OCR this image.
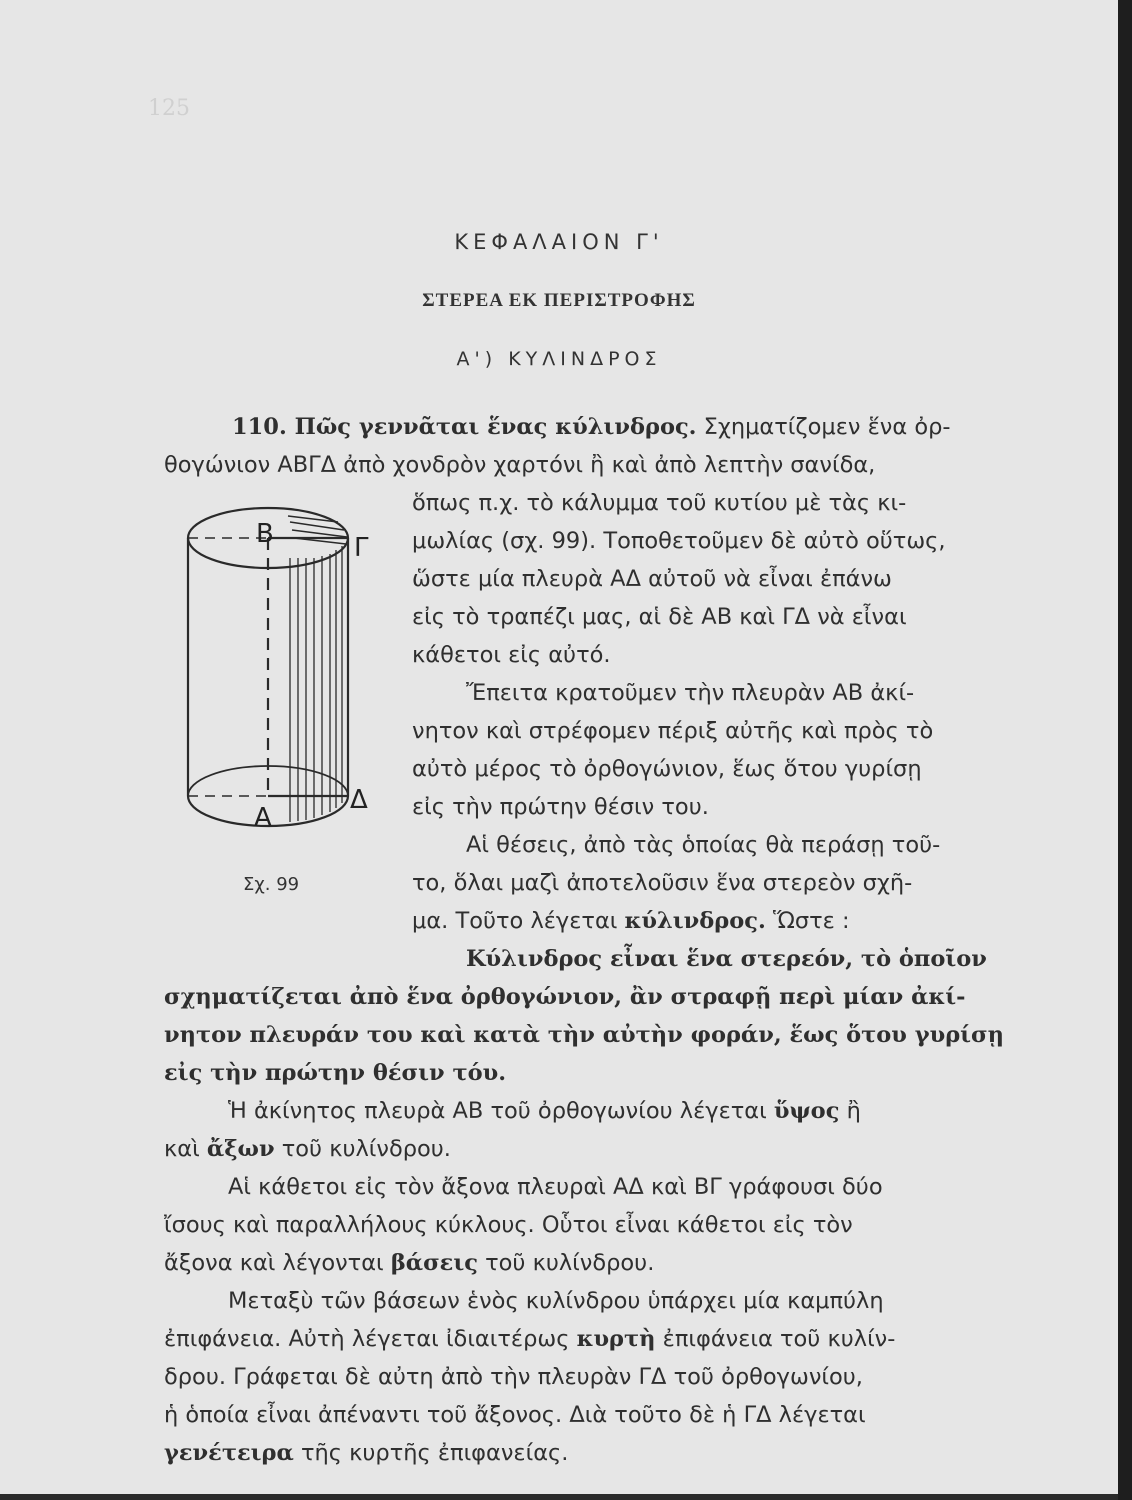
125
ΚΕΦΑΛΑΙΟΝ Γ'
ΣΤΕΡΕΑ ΕΚ ΠΕΡΙΣΤΡΟΦΗΣ
Α') ΚΥΛΙΝΔΡΟΣ
110. Πῶς γεννᾶται ἕνας κύλινδρος. Σχηματίζομεν ἕνα ὀρ-
θογώνιον ΑΒΓΔ ἀπὸ χονδρὸν χαρτόνι ἢ καὶ ἀπὸ λεπτὴν σανίδα,
ὅπως π.χ. τὸ κάλυμμα τοῦ κυτίου μὲ τὰς κι-
μωλίας (σχ. 99). Τοποθετοῦμεν δὲ αὐτὸ οὕτως,
ὥστε μία πλευρὰ ΑΔ αὐτοῦ νὰ εἶναι ἐπάνω
εἰς τὸ τραπέζι μας, αἱ δὲ ΑΒ καὶ ΓΔ νὰ εἶναι
κάθετοι εἰς αὐτό.
Ἔπειτα κρατοῦμεν τὴν πλευρὰν ΑΒ ἀκί-
νητον καὶ στρέφομεν πέριξ αὐτῆς καὶ πρὸς τὸ
αὐτὸ μέρος τὸ ὀρθογώνιον, ἕως ὅτου γυρίσῃ
εἰς τὴν πρώτην θέσιν του.
Αἱ θέσεις, ἀπὸ τὰς ὁποίας θὰ περάσῃ τοῦ-
το, ὅλαι μαζὶ ἀποτελοῦσιν ἕνα στερεὸν σχῆ-
μα. Τοῦτο λέγεται κύλινδρος. Ὥστε :
Κύλινδρος εἶναι ἕνα στερεόν, τὸ ὁποῖον
σχηματίζεται ἀπὸ ἕνα ὀρθογώνιον, ἂν στραφῇ περὶ μίαν ἀκί-
νητον πλευράν του καὶ κατὰ τὴν αὐτὴν φοράν, ἕως ὅτου γυρίσῃ
εἰς τὴν πρώτην θέσιν τόυ.
Ἡ ἀκίνητος πλευρὰ ΑΒ τοῦ ὀρθογωνίου λέγεται ὕψος ἢ
καὶ ἄξων τοῦ κυλίνδρου.
Αἱ κάθετοι εἰς τὸν ἄξονα πλευραὶ ΑΔ καὶ ΒΓ γράφουσι δύο
ἴσους καὶ παραλλήλους κύκλους. Οὗτοι εἶναι κάθετοι εἰς τὸν
ἄξονα καὶ λέγονται βάσεις τοῦ κυλίνδρου.
Μεταξὺ τῶν βάσεων ἑνὸς κυλίνδρου ὑπάρχει μία καμπύλη
ἐπιφάνεια. Αὐτὴ λέγεται ἰδιαιτέρως κυρτὴ ἐπιφάνεια τοῦ κυλίν-
δρου. Γράφεται δὲ αὐτη ἀπὸ τὴν πλευρὰν ΓΔ τοῦ ὀρθογωνίου,
ἡ ὁποία εἶναι ἀπέναντι τοῦ ἄξονος. Διὰ τοῦτο δὲ ἡ ΓΔ λέγεται
γενέτειρα τῆς κυρτῆς ἐπιφανείας.
Β	Γ
Α
Δ
Σχ. 99
